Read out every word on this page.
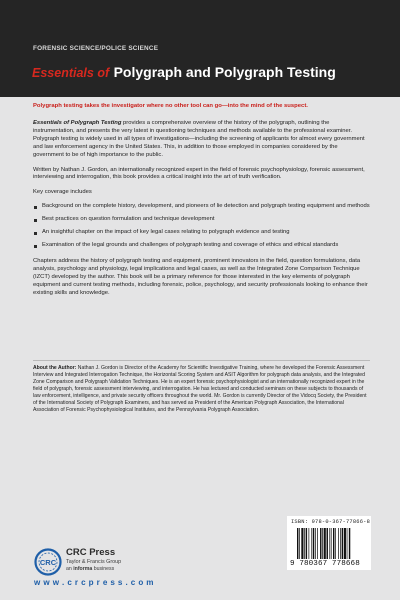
FORENSIC SCIENCE/POLICE SCIENCE
Essentials of Polygraph and Polygraph Testing
Polygraph testing takes the investigator where no other tool can go—into the mind of the suspect.

Essentials of Polygraph Testing provides a comprehensive overview of the history of the polygraph, outlining the instrumentation, and presents the very latest in questioning techniques and methods available to the professional examiner. Polygraph testing is widely used in all types of investigations—including the screening of applicants for almost every government and law enforcement agency in the United States. This, in addition to those employed in companies considered by the government to be of high importance to the public.

Written by Nathan J. Gordon, an internationally recognized expert in the field of forensic psychophysiology, forensic assessment, interviewing and interrogation, this book provides a critical insight into the art of truth verification.

Key coverage includes

Background on the complete history, development, and pioneers of lie detection and polygraph testing equipment and methods
Best practices on question formulation and technique development
An insightful chapter on the impact of key legal cases relating to polygraph evidence and testing
Examination of the legal grounds and challenges of polygraph testing and coverage of ethics and ethical standards

Chapters address the history of polygraph testing and equipment, prominent innovators in the field, question formulations, data analysis, psychology and physiology, legal implications and legal cases, as well as the Integrated Zone Comparison Technique (IZCT) developed by the author. This book will be a primary reference for those interested in the key elements of polygraph equipment and current testing methods, including forensic, police, psychology, and security professionals looking to enhance their existing skills and knowledge.

About the Author: Nathan J. Gordon is Director of the Academy for Scientific Investigative Training, where he developed the Forensic Assessment Interview and Integrated Interrogation Technique, the Horizontal Scoring System and ASIT Algorithm for polygraph data analysis, and the Integrated Zone Comparison and Polygraph Validation Techniques. He is an expert forensic psychophysiologist and an internationally recognized expert in the field of polygraph, forensic assessment interviewing, and interrogation. He has lectured and conducted seminars on these subjects to thousands of law enforcement, intelligence, and private security officers throughout the world. Mr. Gordon is currently Director of the Vidocq Society, the President of the International Society of Polygraph Examiners, and has served as President of the American Polygraph Association, the International Association of Forensic Psychophysiological Institutes, and the Pennsylvania Polygraph Association.
ISBN: 978-0-367-77866-8
9 780367 778668
CRC
CRC Press
Taylor & Francis Group
an informa business
w w w . c r c p r e s s . c o m
